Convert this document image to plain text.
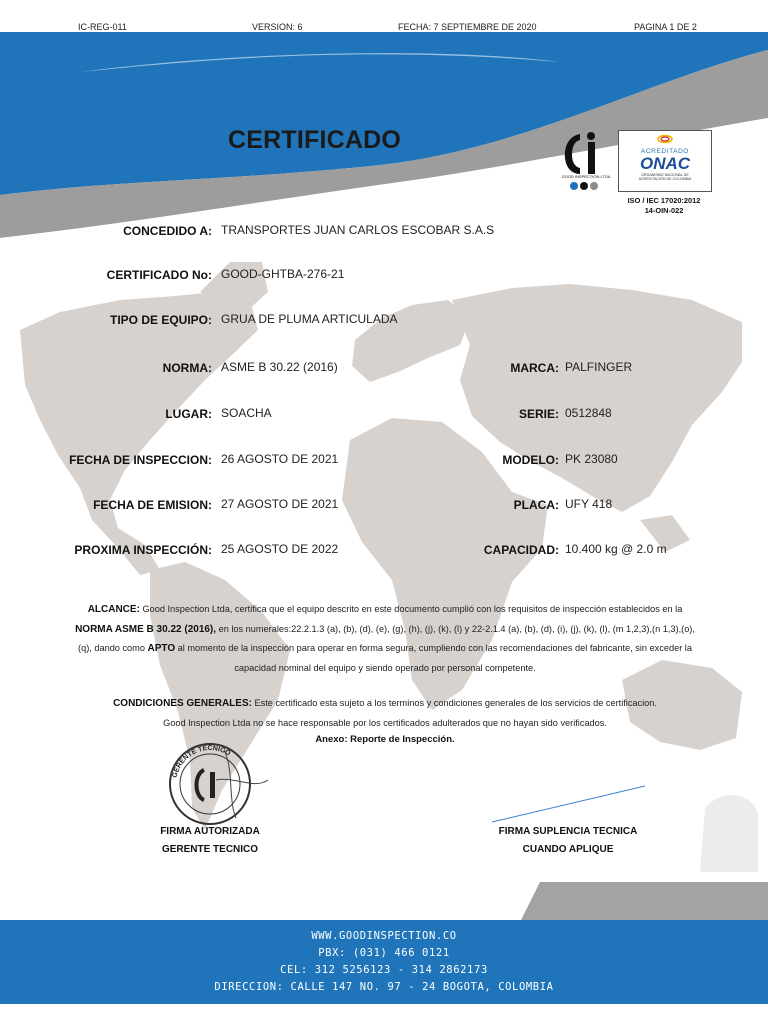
IC-REG-011	VERSION: 6	FECHA: 7 SEPTIEMBRE DE 2020	PAGINA 1 DE 2
CERTIFICADO
GOOD INSPECTION LTDA
ACREDITADO
ONAC
ORGANISMO NACIONAL DE
ACREDITACIÓN DE COLOMBIA
ISO / IEC 17020:2012
14-OIN-022
CONCEDIDO A: TRANSPORTES JUAN CARLOS ESCOBAR S.A.S
CERTIFICADO No: GOOD-GHTBA-276-21
TIPO DE EQUIPO: GRUA DE PLUMA ARTICULADA
NORMA: ASME B 30.22 (2016)
LUGAR: SOACHA
FECHA DE INSPECCION: 26 AGOSTO DE 2021
FECHA DE EMISION: 27 AGOSTO DE 2021
PROXIMA INSPECCIÓN: 25 AGOSTO DE 2022
MARCA: PALFINGER
SERIE: 0512848
MODELO: PK 23080
PLACA: UFY 418
CAPACIDAD: 10.400 kg @ 2.0 m
ALCANCE: Good Inspection Ltda, certifica que el equipo descrito en este documento cumplió con los requisitos de inspección establecidos en la NORMA ASME B 30.22 (2016), en los numerales:22.2.1.3 (a), (b), (d), (e), (g), (h), (j), (k), (l) y 22-2.1.4 (a), (b), (d), (i), (j), (k), (l), (m 1,2,3),(n 1,3),(o), (q), dando como APTO al momento de la inspección para operar en forma segura, cumpliendo con las recomendaciones del fabricante, sin exceder la capacidad nominal del equipo y siendo operado por personal competente.
CONDICIONES GENERALES: Este certificado esta sujeto a los terminos y condiciones generales de los servicios de certificacion.
Good Inspection Ltda no se hace responsable por los certificados adulterados que no hayan sido verificados.
Anexo: Reporte de Inspección.
GERENTE TECNICO
FIRMA AUTORIZADA
GERENTE TECNICO
FIRMA SUPLENCIA TECNICA
CUANDO APLIQUE
WWW.GOODINSPECTION.CO
PBX: (031) 466 0121
CEL: 312 5256123 - 314 2862173
DIRECCION: CALLE 147 NO. 97 - 24 BOGOTA, COLOMBIA
